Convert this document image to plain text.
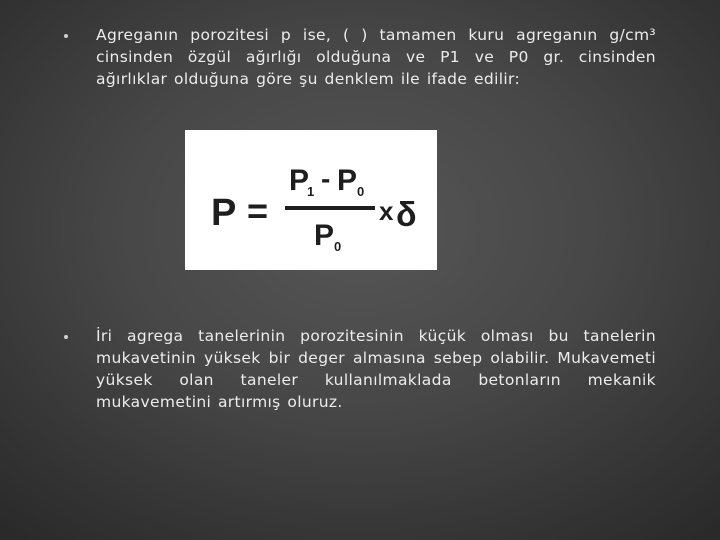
Agreganın porozitesi p ise, ( ) tamamen kuru agreganın g/cm³ cinsinden özgül ağırlığı olduğuna ve P1 ve P0 gr. cinsinden ağırlıklar olduğuna göre şu denklem ile ifade edilir:

P =
P
1 - P 0
P 0
x δ

İri agrega tanelerinin porozitesinin küçük olması bu tanelerin mukavetinin yüksek bir deger almasına sebep olabilir. Mukavemeti yüksek olan taneler kullanılmaklada betonların mekanik mukavemetini artırmış oluruz.
